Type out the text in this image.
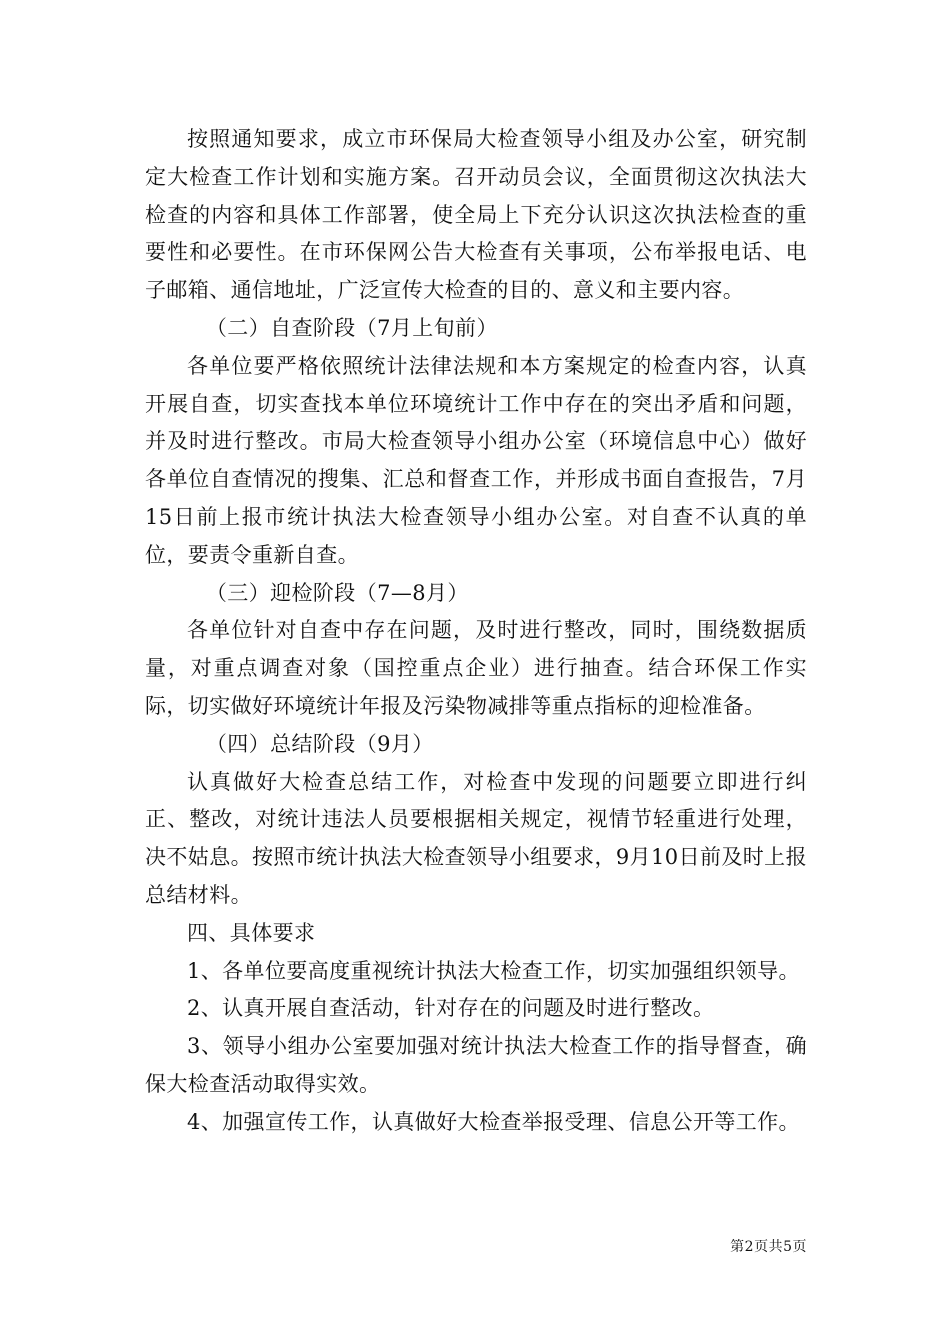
按照通知要求，成立市环保局大检查领导小组及办公室，研究制定大检查工作计划和实施方案。召开动员会议，全面贯彻这次执法大检查的内容和具体工作部署，使全局上下充分认识这次执法检查的重要性和必要性。在市环保网公告大检查有关事项，公布举报电话、电子邮箱、通信地址，广泛宣传大检查的目的、意义和主要内容。

（二）自查阶段（7月上旬前）

各单位要严格依照统计法律法规和本方案规定的检查内容，认真开展自查，切实查找本单位环境统计工作中存在的突出矛盾和问题，并及时进行整改。市局大检查领导小组办公室（环境信息中心）做好各单位自查情况的搜集、汇总和督查工作，并形成书面自查报告，7月15日前上报市统计执法大检查领导小组办公室。对自查不认真的单位，要责令重新自查。

（三）迎检阶段（7—8月）

各单位针对自查中存在问题，及时进行整改，同时，围绕数据质量，对重点调查对象（国控重点企业）进行抽查。结合环保工作实际，切实做好环境统计年报及污染物减排等重点指标的迎检准备。

（四）总结阶段（9月）

认真做好大检查总结工作，对检查中发现的问题要立即进行纠正、整改，对统计违法人员要根据相关规定，视情节轻重进行处理，决不姑息。按照市统计执法大检查领导小组要求，9月10日前及时上报总结材料。

四、具体要求

1、各单位要高度重视统计执法大检查工作，切实加强组织领导。

2、认真开展自查活动，针对存在的问题及时进行整改。

3、领导小组办公室要加强对统计执法大检查工作的指导督查，确保大检查活动取得实效。

4、加强宣传工作，认真做好大检查举报受理、信息公开等工作。

第2页共5页
